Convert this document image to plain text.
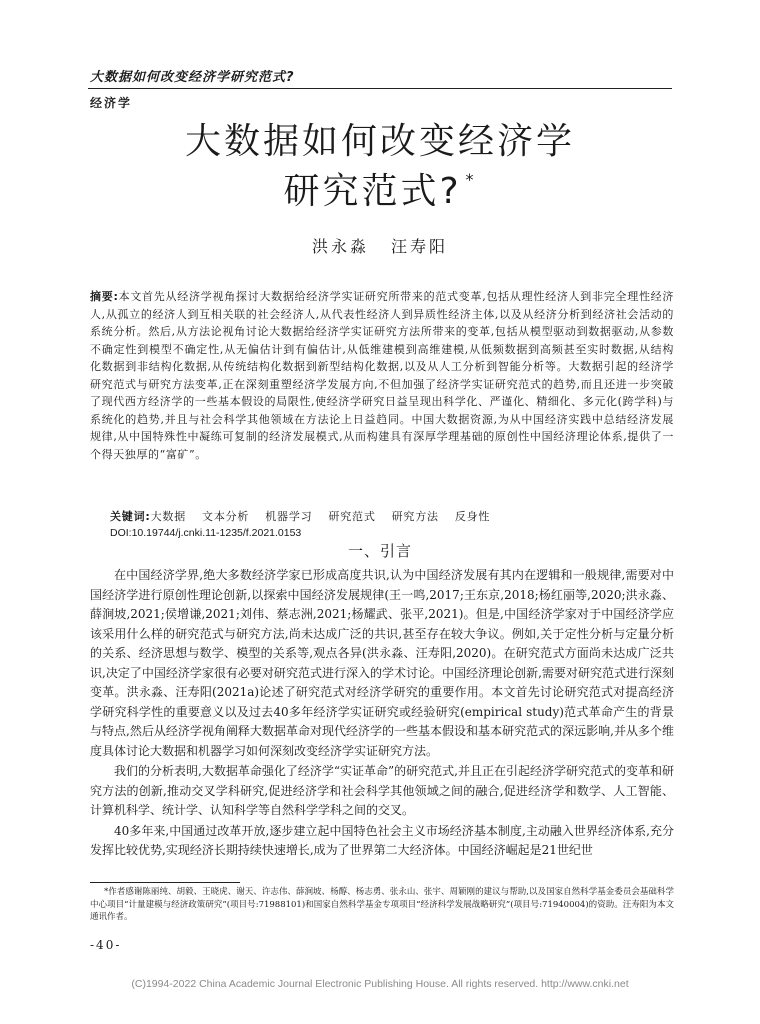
大数据如何改变经济学研究范式?
经济学
大数据如何改变经济学
研究范式? *
洪永淼 汪寿阳
摘要:本文首先从经济学视角探讨大数据给经济学实证研究所带来的范式变革,包括从理性经济人到非完全理性经济人,从孤立的经济人到互相关联的社会经济人,从代表性经济人到异质性经济主体,以及从经济分析到经济社会活动的系统分析。然后,从方法论视角讨论大数据给经济学实证研究方法所带来的变革,包括从模型驱动到数据驱动,从参数不确定性到模型不确定性,从无偏估计到有偏估计,从低维建模到高维建模,从低频数据到高频甚至实时数据,从结构化数据到非结构化数据,从传统结构化数据到新型结构化数据,以及从人工分析到智能分析等。大数据引起的经济学研究范式与研究方法变革,正在深刻重塑经济学发展方向,不但加强了经济学实证研究范式的趋势,而且还进一步突破了现代西方经济学的一些基本假设的局限性,使经济学研究日益呈现出科学化、严谨化、精细化、多元化(跨学科)与系统化的趋势,并且与社会科学其他领域在方法论上日益趋同。中国大数据资源,为从中国经济实践中总结经济发展规律,从中国特殊性中凝练可复制的经济发展模式,从而构建具有深厚学理基础的原创性中国经济理论体系,提供了一个得天独厚的“富矿”。
关键词:大数据 文本分析 机器学习 研究范式 研究方法 反身性
DOI:10.19744/j.cnki.11-1235/f.2021.0153
一、引言

在中国经济学界,绝大多数经济学家已形成高度共识,认为中国经济发展有其内在逻辑和一般规律,需要对中国经济学进行原创性理论创新,以探索中国经济发展规律(王一鸣,2017;王东京,2018;杨红丽等,2020;洪永淼、薛涧坡,2021;侯增谦,2021;刘伟、蔡志洲,2021;杨耀武、张平,2021)。但是,中国经济学家对于中国经济学应该采用什么样的研究范式与研究方法,尚未达成广泛的共识,甚至存在较大争议。例如,关于定性分析与定量分析的关系、经济思想与数学、模型的关系等,观点各异(洪永淼、汪寿阳,2020)。在研究范式方面尚未达成广泛共识,决定了中国经济学家很有必要对研究范式进行深入的学术讨论。中国经济理论创新,需要对研究范式进行深刻变革。洪永淼、汪寿阳(2021a)论述了研究范式对经济学研究的重要作用。本文首先讨论研究范式对提高经济学研究科学性的重要意义以及过去40多年经济学实证研究或经验研究(empirical study)范式革命产生的背景与特点,然后从经济学视角阐释大数据革命对现代经济学的一些基本假设和基本研究范式的深远影响,并从多个维度具体讨论大数据和机器学习如何深刻改变经济学实证研究方法。

我们的分析表明,大数据革命强化了经济学“实证革命”的研究范式,并且正在引起经济学研究范式的变革和研究方法的创新,推动交叉学科研究,促进经济学和社会科学其他领域之间的融合,促进经济学和数学、人工智能、计算机科学、统计学、认知科学等自然科学学科之间的交叉。

40多年来,中国通过改革开放,逐步建立起中国特色社会主义市场经济基本制度,主动融入世界经济体系,充分发挥比较优势,实现经济长期持续快速增长,成为了世界第二大经济体。中国经济崛起是21世纪世

*作者感谢陈丽纯、胡毅、王晓虎、谢天、许志伟、薛涧坡、杨醇、杨志勇、张永山、张宇、周颖刚的建议与帮助,以及国家自然科学基金委员会基础科学中心项目“计量建模与经济政策研究”(项目号:71988101)和国家自然科学基金专项项目“经济科学发展战略研究”(项目号:71940004)的资助。汪寿阳为本文通讯作者。
-40-
(C)1994-2022 China Academic Journal Electronic Publishing House. All rights reserved. http://www.cnki.net
